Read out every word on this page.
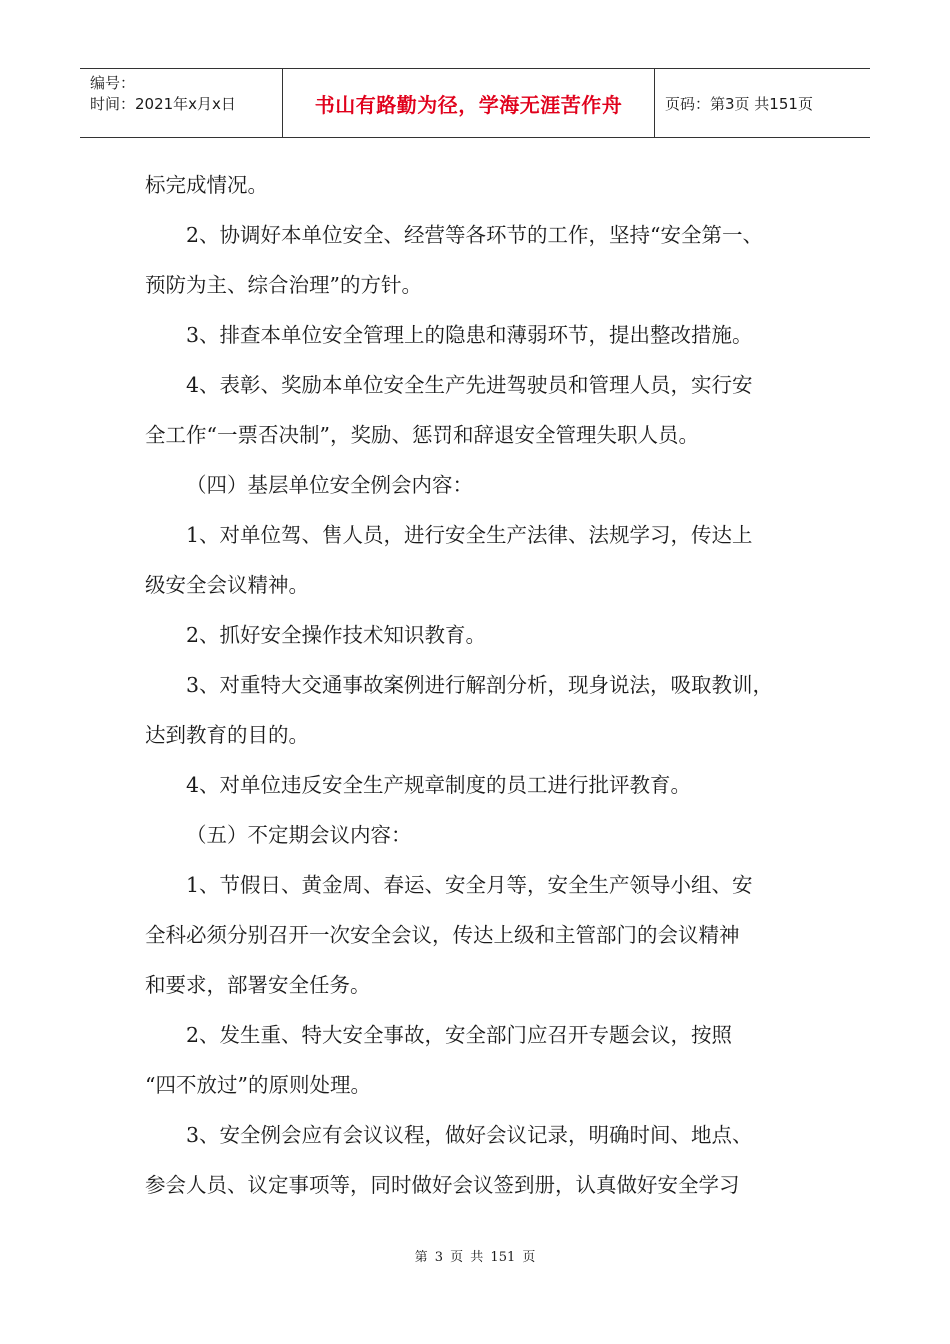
编号：
时间：2021年x月x日	书山有路勤为径，学海无涯苦作舟	页码：第3页 共151页

标完成情况。

2、协调好本单位安全、经营等各环节的工作，坚持“安全第一、

预防为主、综合治理”的方针。

3、排查本单位安全管理上的隐患和薄弱环节，提出整改措施。

4、表彰、奖励本单位安全生产先进驾驶员和管理人员，实行安

全工作“一票否决制”，奖励、惩罚和辞退安全管理失职人员。

（四）基层单位安全例会内容：

1、对单位驾、售人员，进行安全生产法律、法规学习，传达上

级安全会议精神。

2、抓好安全操作技术知识教育。

3、对重特大交通事故案例进行解剖分析，现身说法，吸取教训，

达到教育的目的。

4、对单位违反安全生产规章制度的员工进行批评教育。

（五）不定期会议内容：

1、节假日、黄金周、春运、安全月等，安全生产领导小组、安

全科必须分别召开一次安全会议，传达上级和主管部门的会议精神

和要求，部署安全任务。

2、发生重、特大安全事故，安全部门应召开专题会议，按照

“四不放过”的原则处理。

3、安全例会应有会议议程，做好会议记录，明确时间、地点、

参会人员、议定事项等，同时做好会议签到册，认真做好安全学习

第 3 页 共 151 页
